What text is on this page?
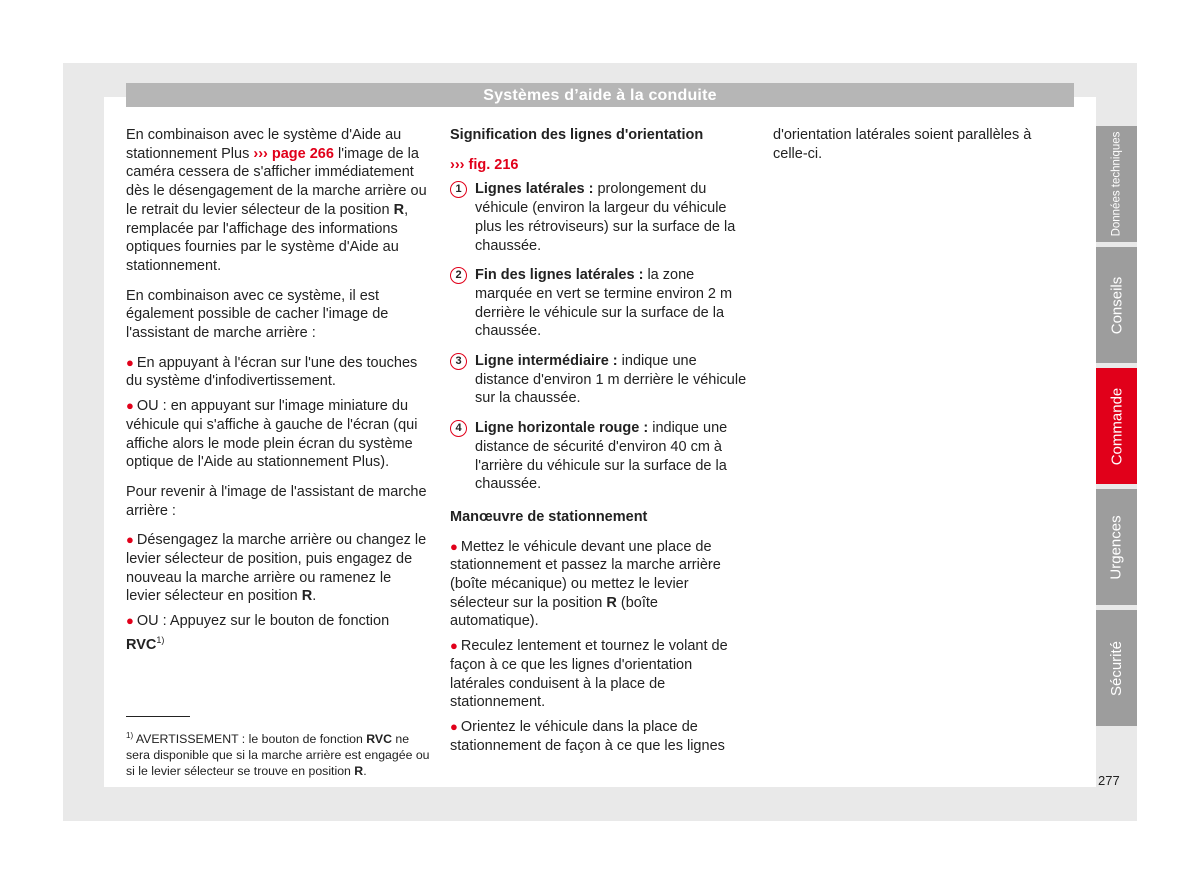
Systèmes d’aide à la conduite

En combinaison avec le système d'Aide au stationnement Plus ››› page 266 l'image de la caméra cessera de s'afficher immédiatement dès le désengagement de la marche arrière ou le retrait du levier sélecteur de la position R, remplacée par l'affichage des informations optiques fournies par le système d'Aide au stationnement.

En combinaison avec ce système, il est également possible de cacher l'image de l'assistant de marche arrière :

● En appuyant à l'écran sur l'une des touches du système d'infodivertissement.

● OU : en appuyant sur l'image miniature du véhicule qui s'affiche à gauche de l'écran (qui affiche alors le mode plein écran du système optique de l'Aide au stationnement Plus).

Pour revenir à l'image de l'assistant de marche arrière :

● Désengagez la marche arrière ou changez le levier sélecteur de position, puis engagez de nouveau la marche arrière ou ramenez le levier sélecteur en position R.

● OU : Appuyez sur le bouton de fonction RVC$^{1)}$

$^{1)}$ AVERTISSEMENT : le bouton de fonction RVC ne sera disponible que si la marche arrière est engagée ou si le levier sélecteur se trouve en position R.

Signification des lignes d'orientation

››› fig. 216

1 Lignes latérales : prolongement du véhicule (environ la largeur du véhicule plus les rétroviseurs) sur la surface de la chaussée.

2 Fin des lignes latérales : la zone marquée en vert se termine environ 2 m derrière le véhicule sur la surface de la chaussée.

3 Ligne intermédiaire : indique une distance d'environ 1 m derrière le véhicule sur la chaussée.

4 Ligne horizontale rouge : indique une distance de sécurité d'environ 40 cm à l'arrière du véhicule sur la surface de la chaussée.

Manœuvre de stationnement

● Mettez le véhicule devant une place de stationnement et passez la marche arrière (boîte mécanique) ou mettez le levier sélecteur sur la position R (boîte automatique).

● Reculez lentement et tournez le volant de façon à ce que les lignes d'orientation latérales conduisent à la place de stationnement.

● Orientez le véhicule dans la place de stationnement de façon à ce que les lignes

d'orientation latérales soient parallèles à celle-ci.	Données techniques
Conseils
Commande
Urgences
Sécurité
277
